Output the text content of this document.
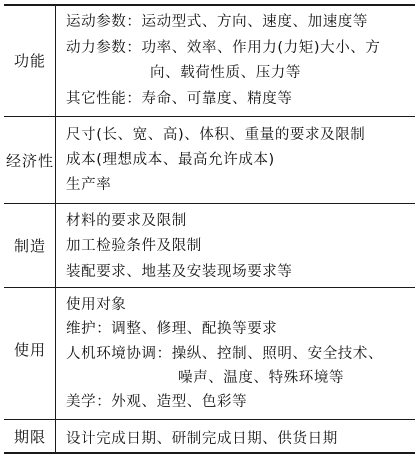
功能
运动参数：运动型式、方向、速度、加速度等
动力参数：功率、效率、作用力(力矩)大小、方
向、载荷性质、压力等
其它性能：寿命、可靠度、精度等
经济性
尺寸(长、宽、高)、体积、重量的要求及限制
成本(理想成本、最高允许成本)
生产率
制造
材料的要求及限制
加工检验条件及限制
装配要求、地基及安装现场要求等
使用
使用对象
维护：调整、修理、配换等要求
人机环境协调：操纵、控制、照明、安全技术、
噪声、温度、特殊环境等
美学：外观、造型、色彩等
期限	设计完成日期、研制完成日期、供货日期
